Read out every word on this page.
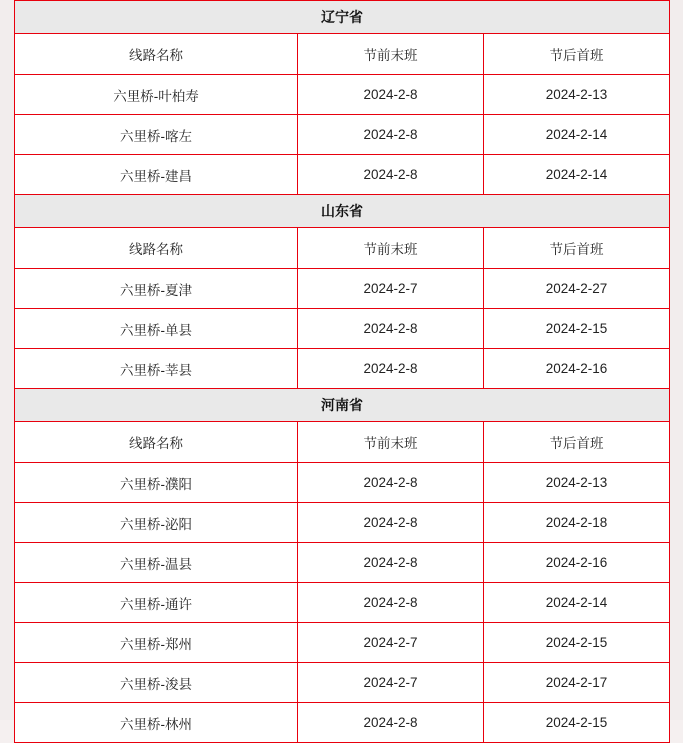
辽宁省		
线路名称	节前末班	节后首班
六里桥-叶柏寿	2024-2-8	2024-2-13
六里桥-喀左	2024-2-8	2024-2-14
六里桥-建昌	2024-2-8	2024-2-14
山东省		
线路名称	节前末班	节后首班
六里桥-夏津	2024-2-7	2024-2-27
六里桥-单县	2024-2-8	2024-2-15
六里桥-莘县	2024-2-8	2024-2-16
河南省		
线路名称	节前末班	节后首班
六里桥-濮阳	2024-2-8	2024-2-13
六里桥-泌阳	2024-2-8	2024-2-18
六里桥-温县	2024-2-8	2024-2-16
六里桥-通许	2024-2-8	2024-2-14
六里桥-郑州	2024-2-7	2024-2-15
六里桥-浚县	2024-2-7	2024-2-17
六里桥-林州	2024-2-8	2024-2-15
